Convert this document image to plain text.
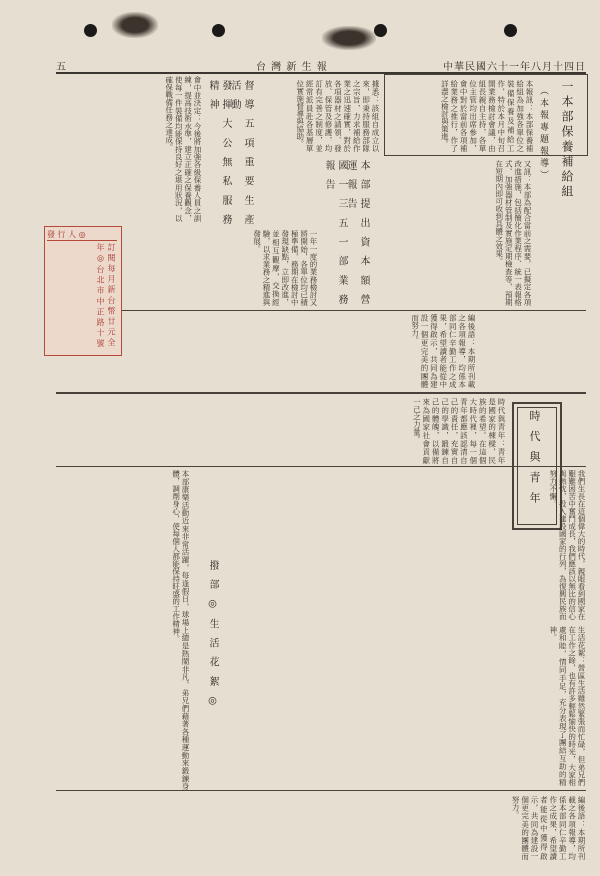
中華民國六十一年八月十四日
台 灣 新 生 報
五
一本部保養補給組
（本報專題報導）
本 部 提 出 資 本 額 營 運 報 告
國 一 三 五 一 部 業 務 報 告
督 導 五 項 重 要 生 產 活 動
發 揮 大 公 無 私 服 務 精 神	本報訊：本部保養補給組為加強各單位之裝備保養及補給工作，特於本月中旬召開業務檢討會議，由組長親自主持，各單位主管均出席參加，會中對於當前各項補給業務之推行，作了詳盡之檢討與策進。
據悉：該組自成立以來，即秉持服務部隊之宗旨，力求補給作業之迅速確實，對於各項器材之請領、發放、保管及修護，均訂有完善之制度，並經常派員赴各基層單位實施督導與協助。
會中並決定：今後將加強各級保養人員之訓練，提高技術水準，建立正確之保養觀念，使每一件裝備均能保持良好之堪用狀況，以確保戰備任務之達成。
又訊：本部為配合當前之需要，已擬定各項改進措施，包括簡化作業程序、統一表報格式、加強器材管制及實施定期檢查等，預期在短期內即可收到具體之效果。
一年一度的業務檢討又將開始，各單位均已積極準備，務期在檢討中發現缺點，立即改進，並相互觀摩，交換經驗，以求業務之精進與發展。
編後語：本期所刊載之各項報導，均係本部同仁辛勤工作之成果，希望讀者能從中獲得啟示，共同為建設一個更完美的團體而努力。
發 行 人 ◎
訂 閱 每 月 新 台 幣 廿 元 全 年 ◎ 台 北 市 中 正 路 十 號
時 代 與 青 年
時代與青年：青年是國家的棟樑，民族的希望。在這個大時代裡，每一個青年都應該認清自己的責任，充實自己的學識，鍛鍊自己的體魄，以備將來為國家社會貢獻一己之力量。
我們生長在這個偉大的時代，親眼看到國家在艱難困苦中奮鬥成長，我們應該以無比的信心與熱忱，投入建設國家的行列，為復興民族而努力不懈。
本部康樂活動近來非常活躍，每逢假日，球場上總是熱鬧非凡，弟兄們藉著各種運動來鍛鍊身體，調劑身心，使每個人都能保持旺盛的工作精神。
生活花絮：營區生活雖然緊張而忙碌，但弟兄們在工作之餘，也有許多輕鬆愉快的時光，大家相處和睦，情同手足，充分表現了團結互助的精神。
撥 部 ◎ 生 活 花 絮 ◎
編後語：本期所刊載之各項報導，均係本部同仁辛勤工作之成果，希望讀者能從中獲得啟示，共同為建設一個更完美的團體而努力。
